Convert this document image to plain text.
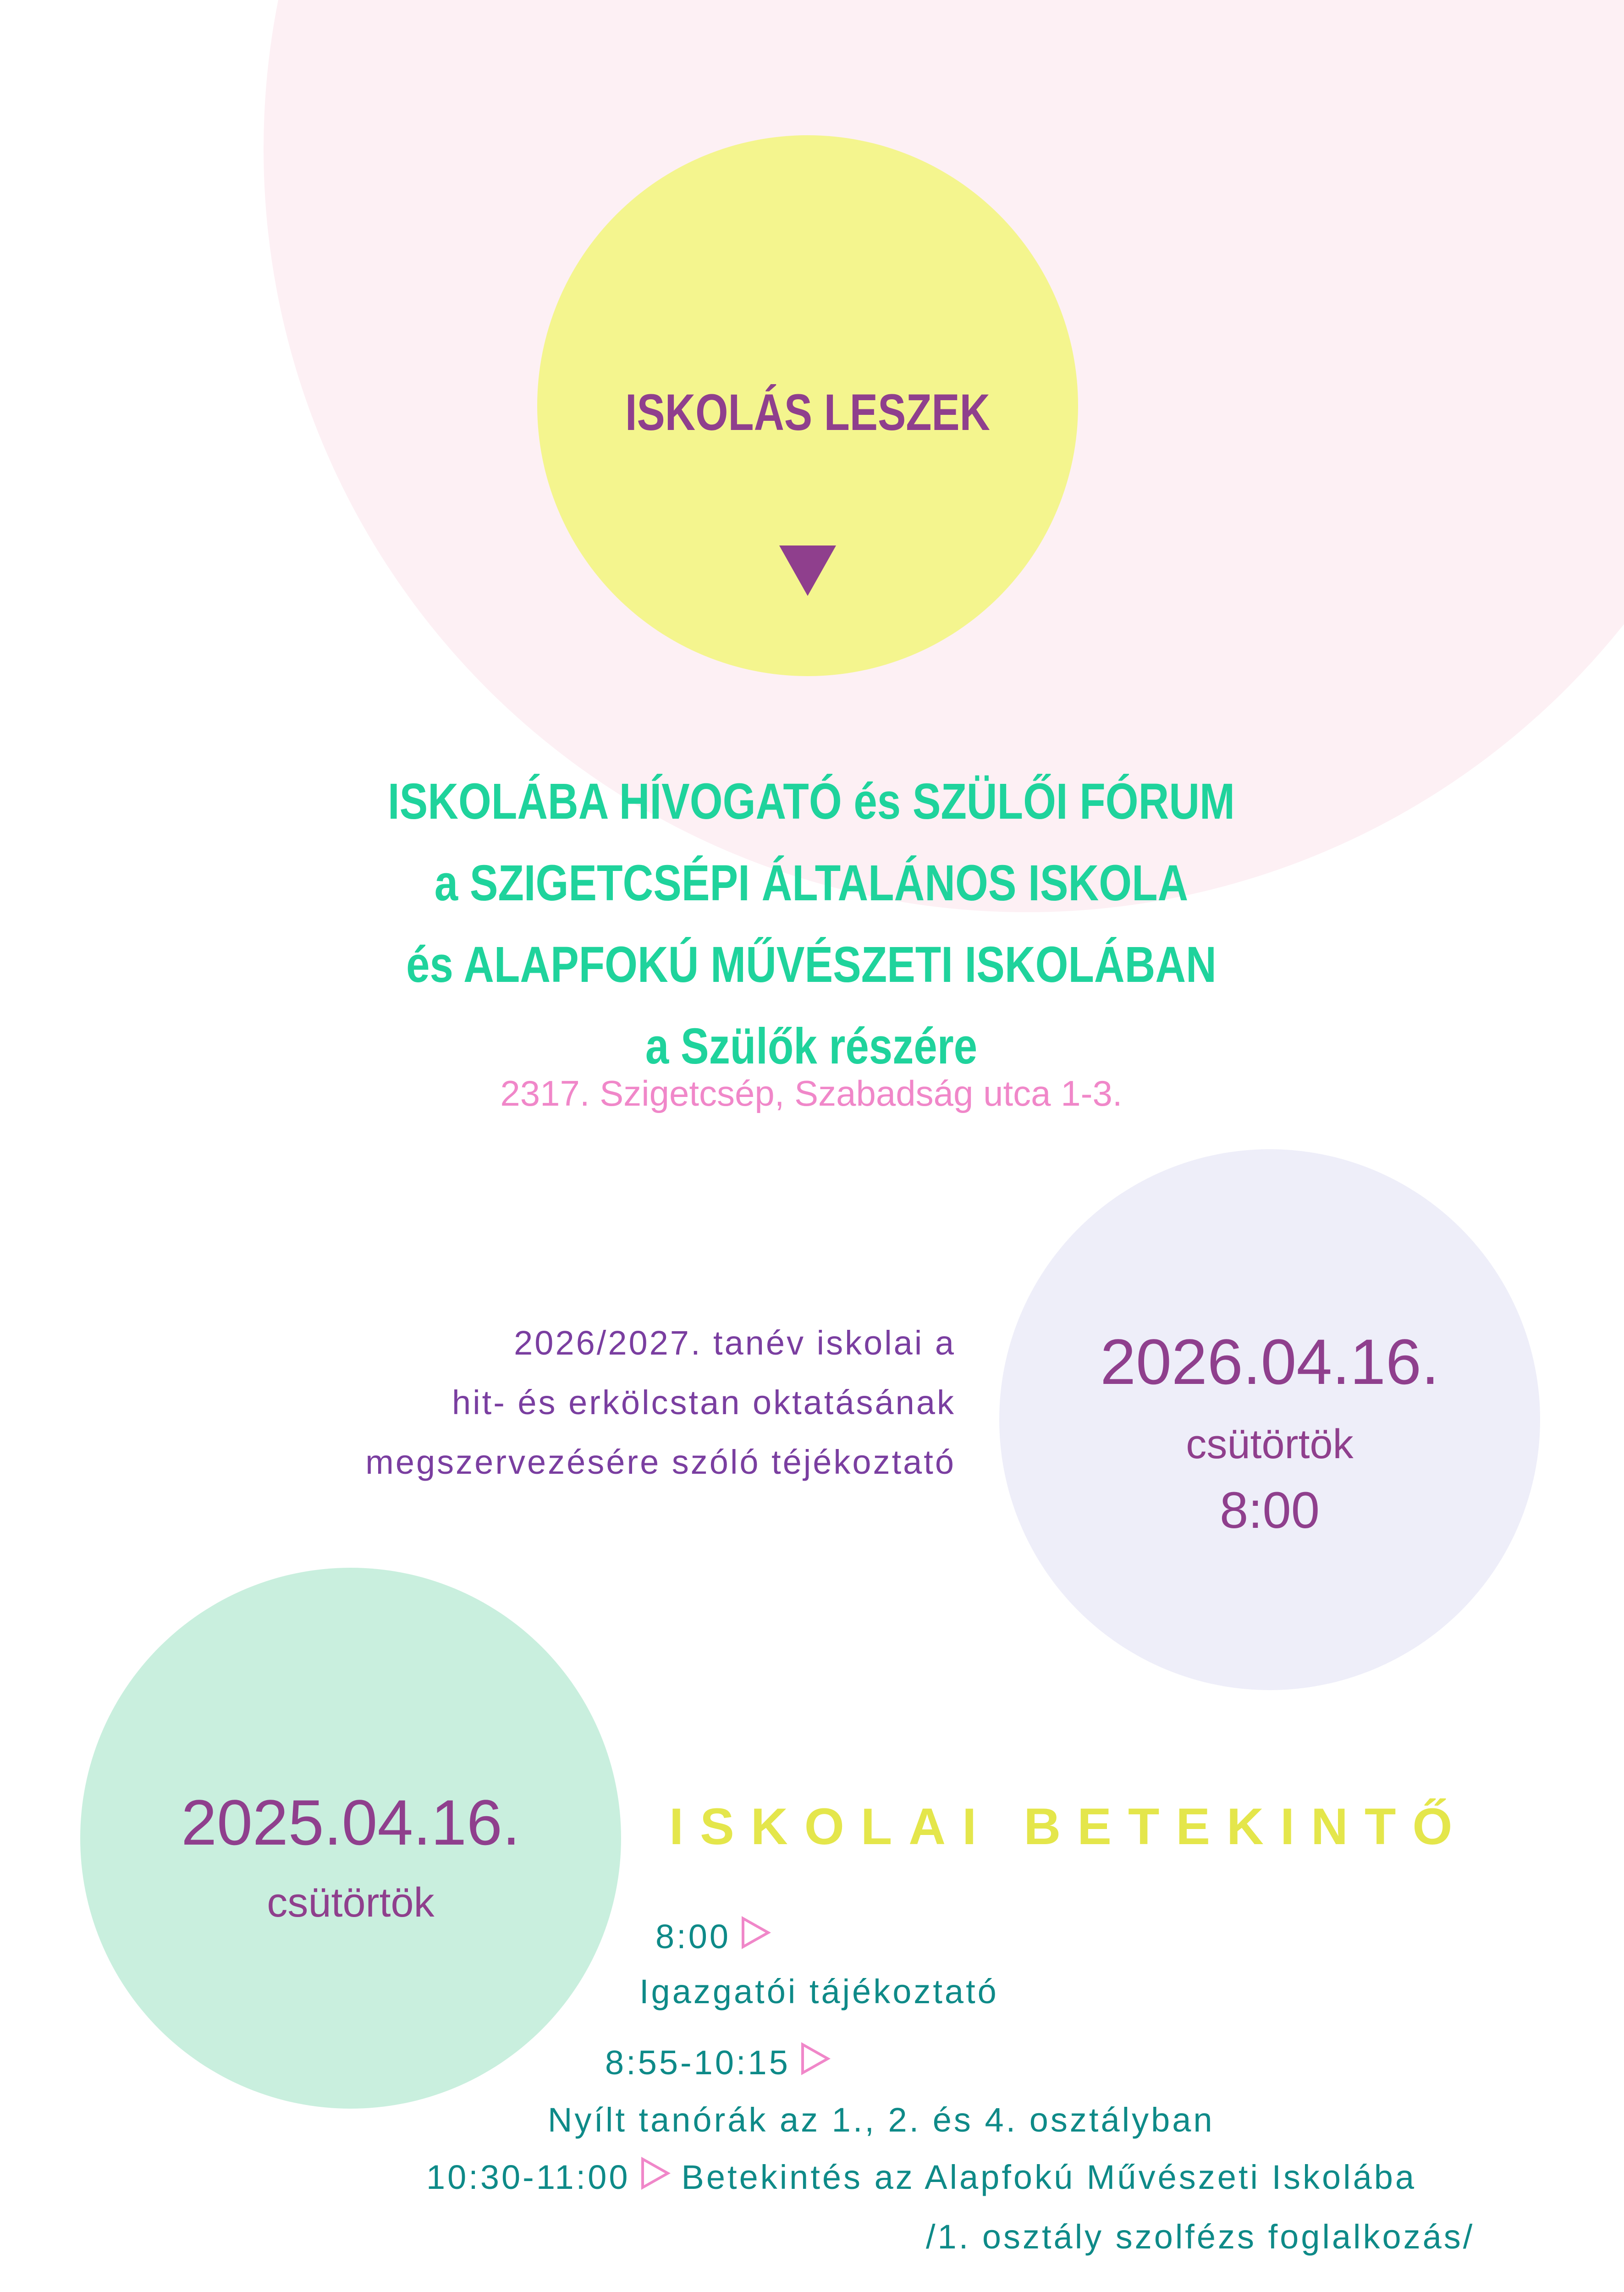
ISKOLÁS LESZEK
ISKOLÁBA HÍVOGATÓ és SZÜLŐI FÓRUM
a SZIGETCSÉPI ÁLTALÁNOS ISKOLA
és ALAPFOKÚ MŰVÉSZETI ISKOLÁBAN
a Szülők részére
2317. Szigetcsép, Szabadság utca 1-3.
2026/2027. tanév iskolai a
hit- és erkölcstan oktatásának
megszervezésére szóló téjékoztató
2026.04.16.
csütörtök
8:00
2025.04.16.
csütörtök
ISKOLAI BETEKINTŐ
8:00
Igazgatói tájékoztató
8:55-10:15
Nyílt tanórák az 1., 2. és 4. osztályban
10:30-11:00 Betekintés az Alapfokú Művészeti Iskolába
/1. osztály szolfézs foglalkozás/
